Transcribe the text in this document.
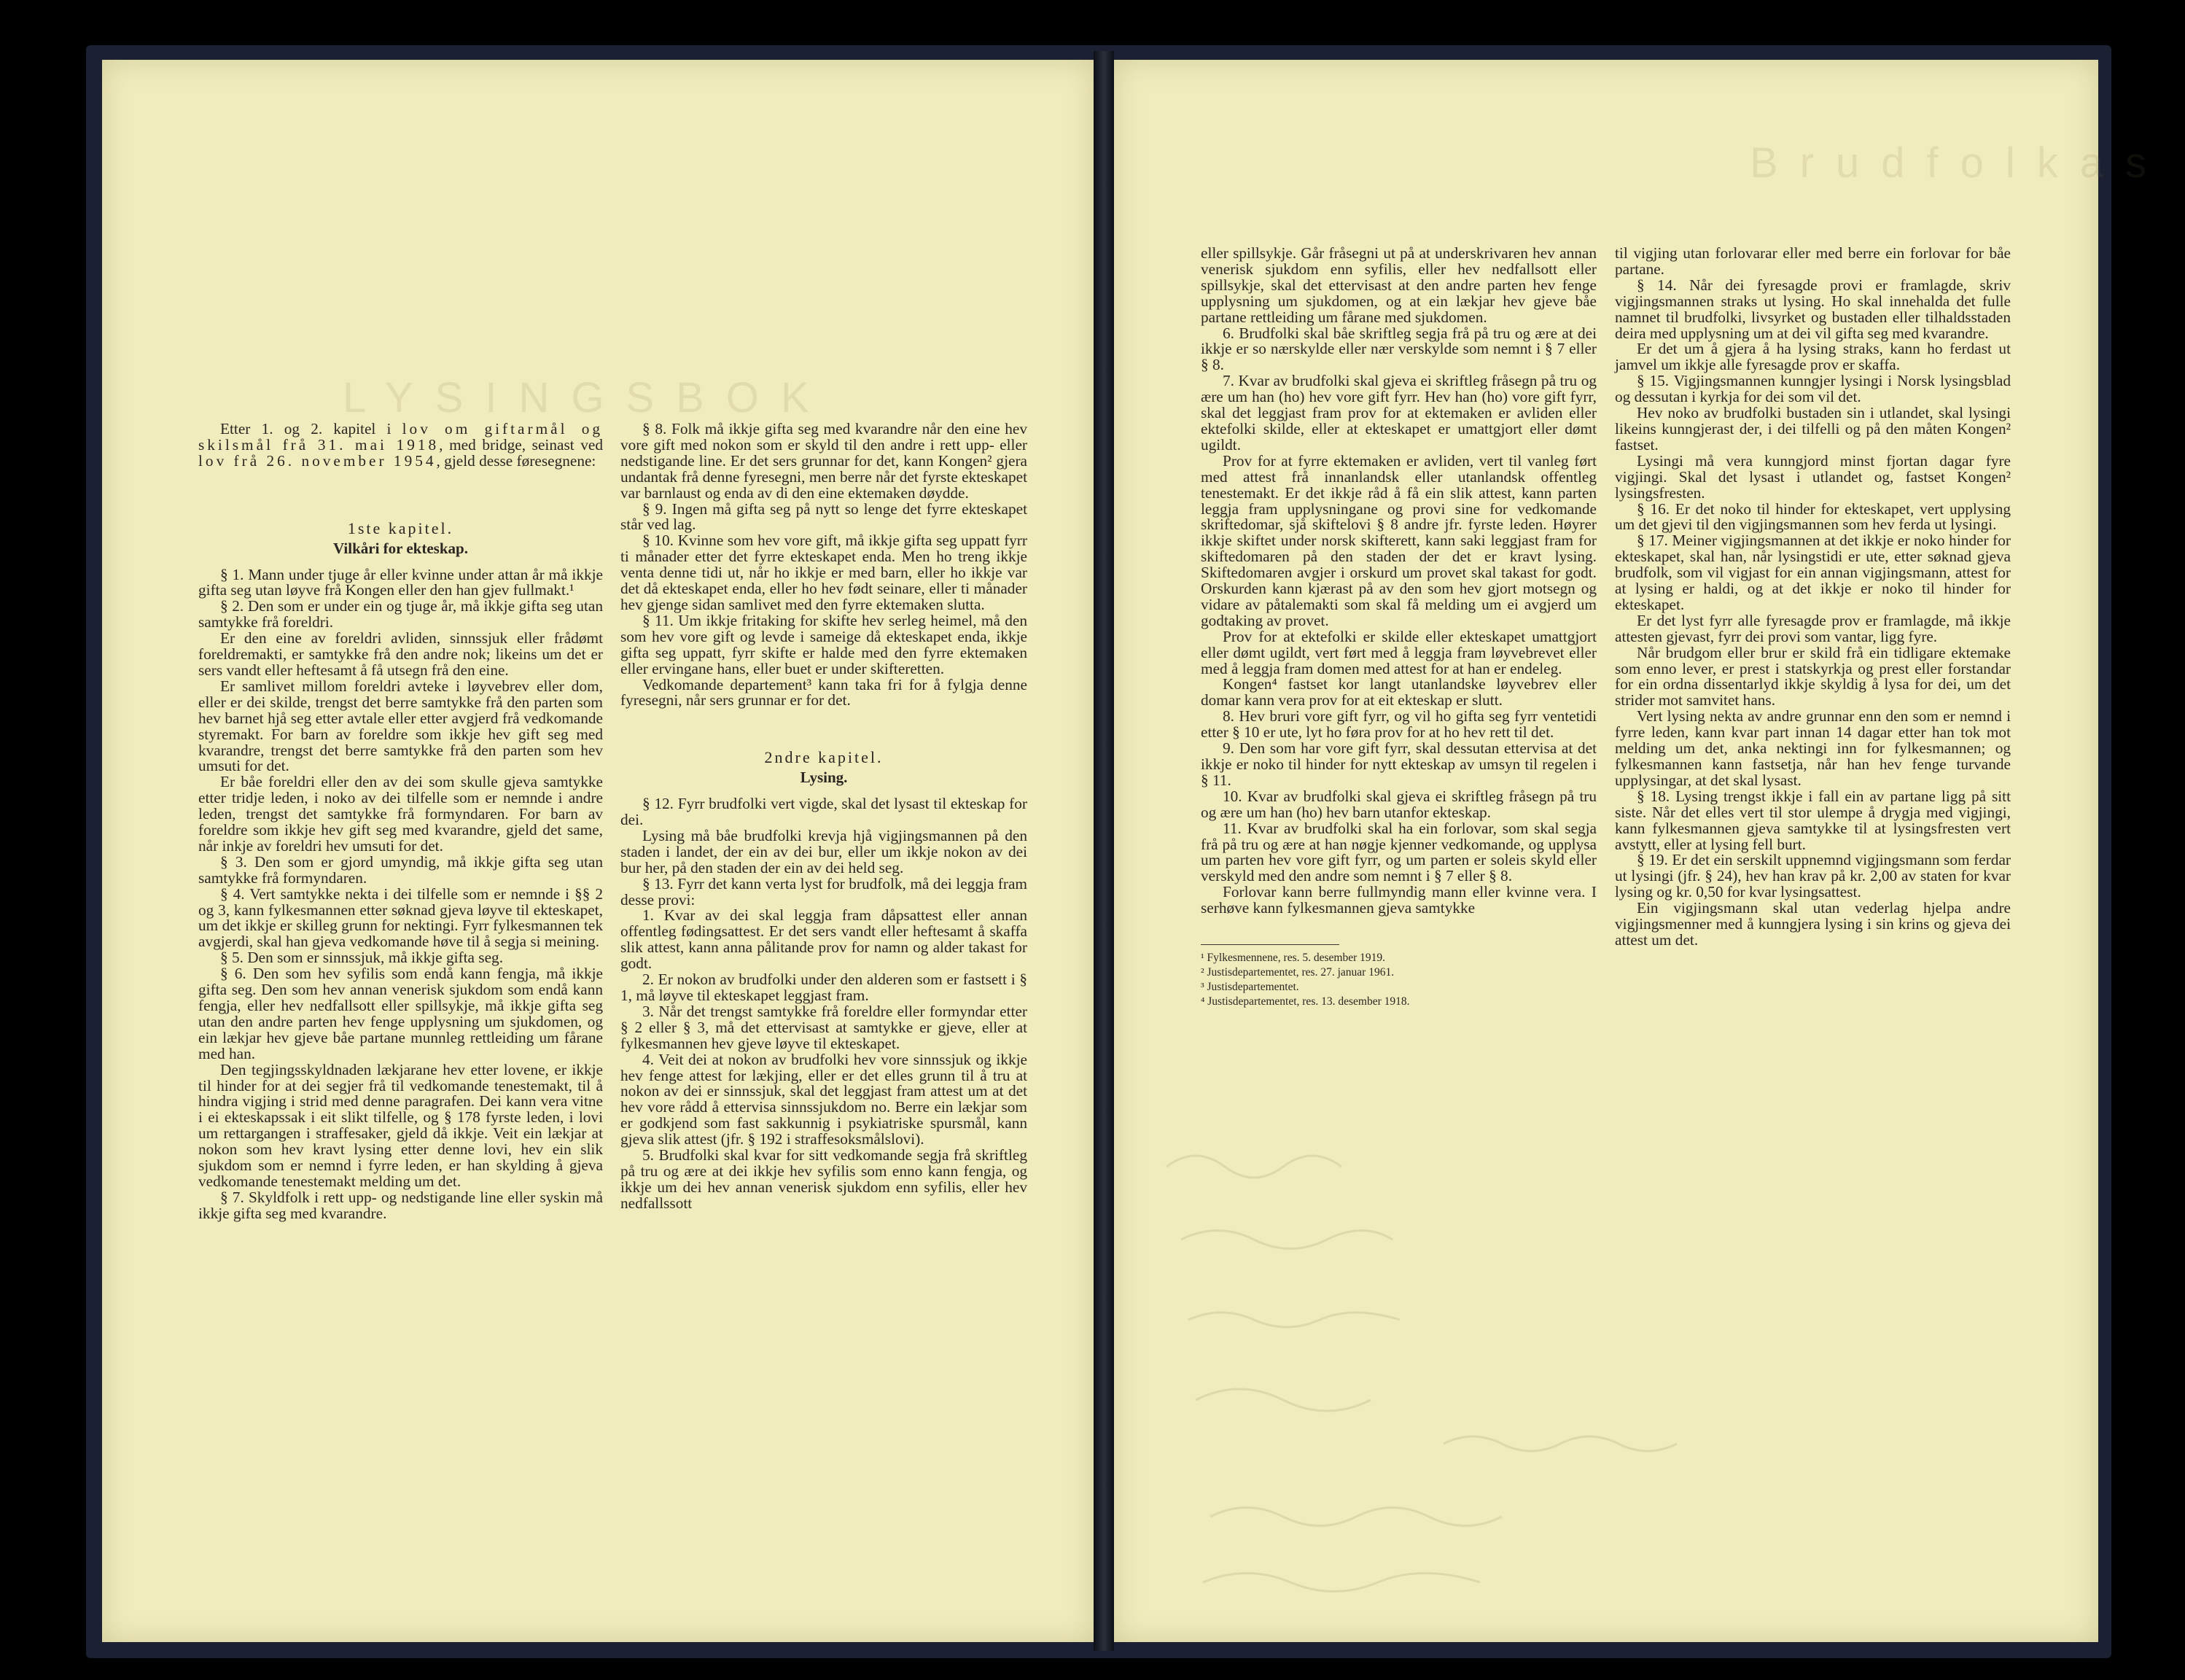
LYSINGSBOK

Etter 1. og 2. kapitel i lov om giftarmål og skilsmål frå 31. mai 1918, med bridge, seinast ved lov frå 26. november 1954, gjeld desse føresegnene:

1ste kapitel.
Vilkåri for ekteskap.

§ 1. Mann under tjuge år eller kvinne under attan år må ikkje gifta seg utan løyve frå Kongen eller den han gjev fullmakt.¹

§ 2. Den som er under ein og tjuge år, må ikkje gifta seg utan samtykke frå foreldri.

Er den eine av foreldri avliden, sinnssjuk eller frådømt foreldremakti, er samtykke frå den andre nok; likeins um det er sers vandt eller heftesamt å få utsegn frå den eine.

Er samlivet millom foreldri avteke i løyvebrev eller dom, eller er dei skilde, trengst det berre samtykke frå den parten som hev barnet hjå seg etter avtale eller etter avgjerd frå vedkomande styremakt. For barn av foreldre som ikkje hev gift seg med kvarandre, trengst det berre samtykke frå den parten som hev umsuti for det.

Er båe foreldri eller den av dei som skulle gjeva samtykke etter tridje leden, i noko av dei tilfelle som er nemnde i andre leden, trengst det samtykke frå formyndaren. For barn av foreldre som ikkje hev gift seg med kvarandre, gjeld det same, når inkje av foreldri hev umsuti for det.

§ 3. Den som er gjord umyndig, må ikkje gifta seg utan samtykke frå formyndaren.

§ 4. Vert samtykke nekta i dei tilfelle som er nemnde i §§ 2 og 3, kann fylkesmannen etter søknad gjeva løyve til ekteskapet, um det ikkje er skilleg grunn for nektingi. Fyrr fylkesmannen tek avgjerdi, skal han gjeva vedkomande høve til å segja si meining.

§ 5. Den som er sinnssjuk, må ikkje gifta seg.

§ 6. Den som hev syfilis som endå kann fengja, må ikkje gifta seg. Den som hev annan venerisk sjukdom som endå kann fengja, eller hev nedfallsott eller spillsykje, må ikkje gifta seg utan den andre parten hev fenge upplysning um sjukdomen, og ein lækjar hev gjeve båe partane munnleg rettleiding um fårane med han.

Den tegjingsskyldnaden lækjarane hev etter lovene, er ikkje til hinder for at dei segjer frå til vedkomande tenestemakt, til å hindra vigjing i strid med denne paragrafen. Dei kann vera vitne i ei ekteskapssak i eit slikt tilfelle, og § 178 fyrste leden, i lovi um rettargangen i straffesaker, gjeld då ikkje. Veit ein lækjar at nokon som hev kravt lysing etter denne lovi, hev ein slik sjukdom som er nemnd i fyrre leden, er han skylding å gjeva vedkomande tenestemakt melding um det.

§ 7. Skyldfolk i rett upp- og nedstigande line eller syskin må ikkje gifta seg med kvarandre.

§ 8. Folk må ikkje gifta seg med kvarandre når den eine hev vore gift med nokon som er skyld til den andre i rett upp- eller nedstigande line. Er det sers grunnar for det, kann Kongen² gjera undantak frå denne fyresegni, men berre når det fyrste ekteskapet var barnlaust og enda av di den eine ektemaken døydde.

§ 9. Ingen må gifta seg på nytt so lenge det fyrre ekteskapet står ved lag.

§ 10. Kvinne som hev vore gift, må ikkje gifta seg uppatt fyrr ti månader etter det fyrre ekteskapet enda. Men ho treng ikkje venta denne tidi ut, når ho ikkje er med barn, eller ho ikkje var det då ekteskapet enda, eller ho hev født seinare, eller ti månader hev gjenge sidan samlivet med den fyrre ektemaken slutta.

§ 11. Um ikkje fritaking for skifte hev serleg heimel, må den som hev vore gift og levde i sameige då ekteskapet enda, ikkje gifta seg uppatt, fyrr skifte er halde med den fyrre ektemaken eller ervingane hans, eller buet er under skifteretten.

Vedkomande departement³ kann taka fri for å fylgja denne fyresegni, når sers grunnar er for det.

2ndre kapitel.
Lysing.

§ 12. Fyrr brudfolki vert vigde, skal det lysast til ekteskap for dei.

Lysing må båe brudfolki krevja hjå vigjingsmannen på den staden i landet, der ein av dei bur, eller um ikkje nokon av dei bur her, på den staden der ein av dei held seg.

§ 13. Fyrr det kann verta lyst for brudfolk, må dei leggja fram desse provi:

1. Kvar av dei skal leggja fram dåpsattest eller annan offentleg fødingsattest. Er det sers vandt eller heftesamt å skaffa slik attest, kann anna pålitande prov for namn og alder takast for godt.

2. Er nokon av brudfolki under den alderen som er fastsett i § 1, må løyve til ekteskapet leggjast fram.

3. Når det trengst samtykke frå foreldre eller formyndar etter § 2 eller § 3, må det ettervisast at samtykke er gjeve, eller at fylkesmannen hev gjeve løyve til ekteskapet.

4. Veit dei at nokon av brudfolki hev vore sinnssjuk og ikkje hev fenge attest for lækjing, eller er det elles grunn til å tru at nokon av dei er sinnssjuk, skal det leggjast fram attest um at det hev vore rådd å ettervisa sinnssjukdom no. Berre ein lækjar som er godkjend som fast sakkunnig i psykiatriske spursmål, kann gjeva slik attest (jfr. § 192 i straffesoksmålslovi).

5. Brudfolki skal kvar for sitt vedkomande segja frå skriftleg på tru og ære at dei ikkje hev syfilis som enno kann fengja, og ikkje um dei hev annan venerisk sjukdom enn syfilis, eller hev nedfallssott

eller spillsykje. Går fråsegni ut på at underskrivaren hev annan venerisk sjukdom enn syfilis, eller hev nedfallsott eller spillsykje, skal det ettervisast at den andre parten hev fenge upplysning um sjukdomen, og at ein lækjar hev gjeve båe partane rettleiding um fårane med sjukdomen.

6. Brudfolki skal båe skriftleg segja frå på tru og ære at dei ikkje er so nærskylde eller nær verskylde som nemnt i § 7 eller § 8.

7. Kvar av brudfolki skal gjeva ei skriftleg fråsegn på tru og ære um han (ho) hev vore gift fyrr. Hev han (ho) vore gift fyrr, skal det leggjast fram prov for at ektemaken er avliden eller ektefolki skilde, eller at ekteskapet er umattgjort eller dømt ugildt.

Prov for at fyrre ektemaken er avliden, vert til vanleg ført med attest frå innanlandsk eller utanlandsk offentleg tenestemakt. Er det ikkje råd å få ein slik attest, kann parten leggja fram upplysningane og provi sine for vedkomande skriftedomar, sjå skiftelovi § 8 andre jfr. fyrste leden. Høyrer ikkje skiftet under norsk skifterett, kann saki leggjast fram for skiftedomaren på den staden der det er kravt lysing. Skiftedomaren avgjer i orskurd um provet skal takast for godt. Orskurden kann kjærast på av den som hev gjort motsegn og vidare av påtalemakti som skal få melding um ei avgjerd um godtaking av provet.

Prov for at ektefolki er skilde eller ekteskapet umattgjort eller dømt ugildt, vert ført med å leggja fram løyvebrevet eller med å leggja fram domen med attest for at han er endeleg.

Kongen⁴ fastset kor langt utanlandske løyvebrev eller domar kann vera prov for at eit ekteskap er slutt.

8. Hev bruri vore gift fyrr, og vil ho gifta seg fyrr ventetidi etter § 10 er ute, lyt ho føra prov for at ho hev rett til det.

9. Den som har vore gift fyrr, skal dessutan ettervisa at det ikkje er noko til hinder for nytt ekteskap av umsyn til regelen i § 11.

10. Kvar av brudfolki skal gjeva ei skriftleg fråsegn på tru og ære um han (ho) hev barn utanfor ekteskap.

11. Kvar av brudfolki skal ha ein forlovar, som skal segja frå på tru og ære at han nøgje kjenner vedkomande, og upplysa um parten hev vore gift fyrr, og um parten er soleis skyld eller verskyld med den andre som nemnt i § 7 eller § 8.

Forlovar kann berre fullmyndig mann eller kvinne vera. I serhøve kann fylkesmannen gjeva samtykke

¹ Fylkesmennene, res. 5. desember 1919.

² Justisdepartementet, res. 27. januar 1961.

³ Justisdepartementet.

⁴ Justisdepartementet, res. 13. desember 1918.

til vigjing utan forlovarar eller med berre ein forlovar for båe partane.

§ 14. Når dei fyresagde provi er framlagde, skriv vigjingsmannen straks ut lysing. Ho skal innehalda det fulle namnet til brudfolki, livsyrket og bustaden eller tilhaldsstaden deira med upplysning um at dei vil gifta seg med kvarandre.

Er det um å gjera å ha lysing straks, kann ho ferdast ut jamvel um ikkje alle fyresagde prov er skaffa.

§ 15. Vigjingsmannen kunngjer lysingi i Norsk lysingsblad og dessutan i kyrkja for dei som vil det.

Hev noko av brudfolki bustaden sin i utlandet, skal lysingi likeins kunngjerast der, i dei tilfelli og på den måten Kongen² fastset.

Lysingi må vera kunngjord minst fjortan dagar fyre vigjingi. Skal det lysast i utlandet og, fastset Kongen² lysingsfresten.

§ 16. Er det noko til hinder for ekteskapet, vert upplysing um det gjevi til den vigjingsmannen som hev ferda ut lysingi.

§ 17. Meiner vigjingsmannen at det ikkje er noko hinder for ekteskapet, skal han, når lysingstidi er ute, etter søknad gjeva brudfolk, som vil vigjast for ein annan vigjingsmann, attest for at lysing er haldi, og at det ikkje er noko til hinder for ekteskapet.

Er det lyst fyrr alle fyresagde prov er framlagde, må ikkje attesten gjevast, fyrr dei provi som vantar, ligg fyre.

Når brudgom eller brur er skild frå ein tidligare ektemake som enno lever, er prest i statskyrkja og prest eller forstandar for ein ordna dissentarlyd ikkje skyldig å lysa for dei, um det strider mot samvitet hans.

Vert lysing nekta av andre grunnar enn den som er nemnd i fyrre leden, kann kvar part innan 14 dagar etter han tok mot melding um det, anka nektingi inn for fylkesmannen; og fylkesmannen kann fastsetja, når han hev fenge turvande upplysingar, at det skal lysast.

§ 18. Lysing trengst ikkje i fall ein av partane ligg på sitt siste. Når det elles vert til stor ulempe å drygja med vigjingi, kann fylkesmannen gjeva samtykke til at lysingsfresten vert avstytt, eller at lysing fell burt.

§ 19. Er det ein serskilt uppnemnd vigjingsmann som ferdar ut lysingi (jfr. § 24), hev han krav på kr. 2,00 av staten for kvar lysing og kr. 0,50 for kvar lysingsattest.

Ein vigjingsmann skal utan vederlag hjelpa andre vigjingsmenner med å kunngjera lysing i sin krins og gjeva dei attest um det.

Brudfolkas
